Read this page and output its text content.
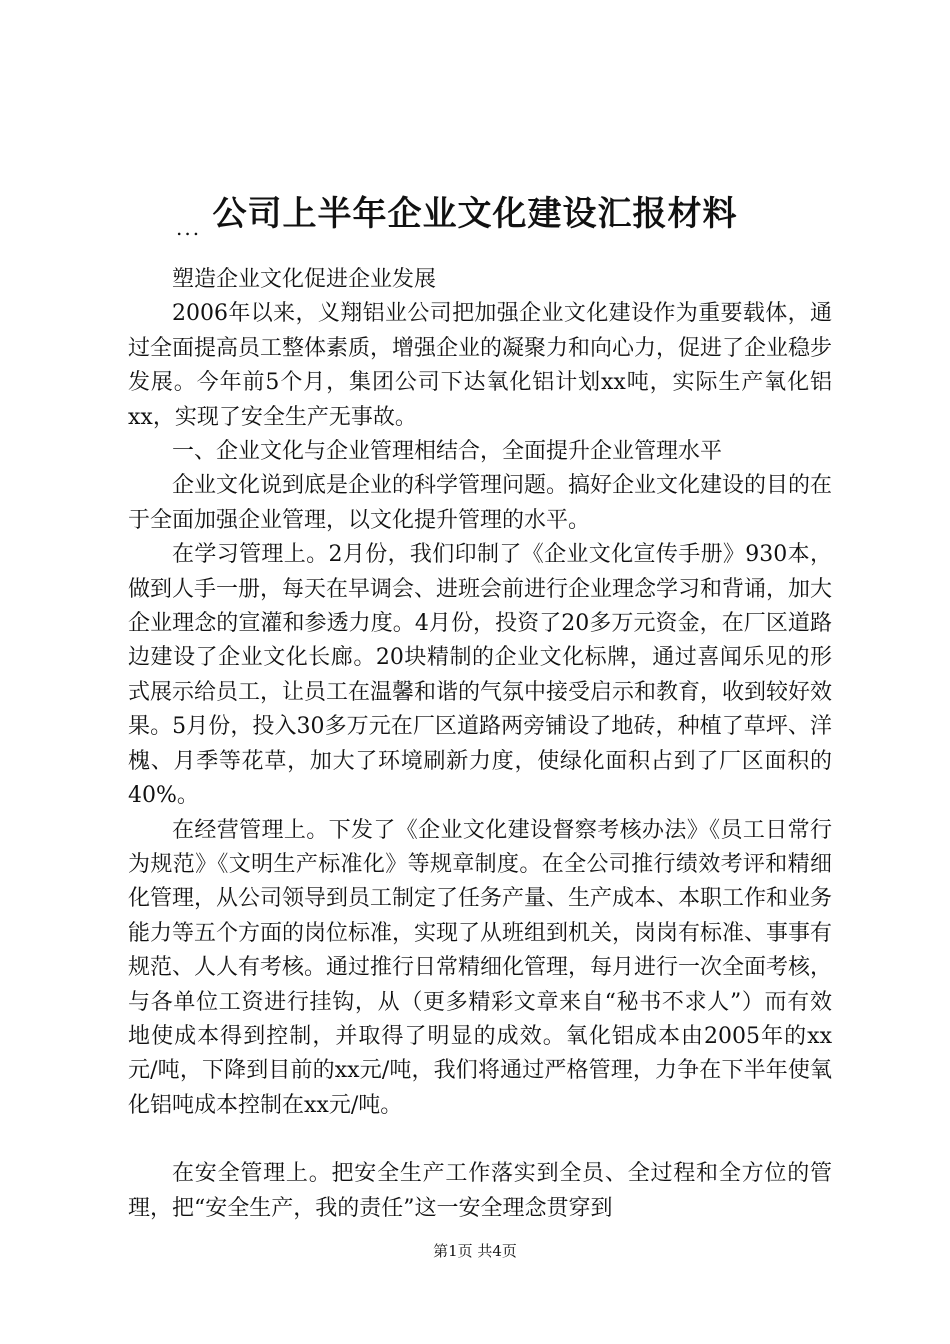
公司上半年企业文化建设汇报材料
...

塑造企业文化促进企业发展

2006年以来，义翔铝业公司把加强企业文化建设作为重要载体，通过全面提高员工整体素质，增强企业的凝聚力和向心力，促进了企业稳步发展。今年前5个月，集团公司下达氧化铝计划xx吨，实际生产氧化铝xx，实现了安全生产无事故。

一、企业文化与企业管理相结合，全面提升企业管理水平

企业文化说到底是企业的科学管理问题。搞好企业文化建设的目的在于全面加强企业管理，以文化提升管理的水平。

在学习管理上。2月份，我们印制了《企业文化宣传手册》930本，做到人手一册，每天在早调会、进班会前进行企业理念学习和背诵，加大企业理念的宣灌和参透力度。4月份，投资了20多万元资金，在厂区道路边建设了企业文化长廊。20块精制的企业文化标牌，通过喜闻乐见的形式展示给员工，让员工在温馨和谐的气氛中接受启示和教育，收到较好效果。5月份，投入30多万元在厂区道路两旁铺设了地砖，种植了草坪、洋槐、月季等花草，加大了环境刷新力度，使绿化面积占到了厂区面积的40%。

在经营管理上。下发了《企业文化建设督察考核办法》《员工日常行为规范》《文明生产标准化》等规章制度。在全公司推行绩效考评和精细化管理，从公司领导到员工制定了任务产量、生产成本、本职工作和业务能力等五个方面的岗位标准，实现了从班组到机关，岗岗有标准、事事有规范、人人有考核。通过推行日常精细化管理，每月进行一次全面考核，与各单位工资进行挂钩，从（更多精彩文章来自“秘书不求人”）而有效地使成本得到控制，并取得了明显的成效。氧化铝成本由2005年的xx元/吨，下降到目前的xx元/吨，我们将通过严格管理，力争在下半年使氧化铝吨成本控制在xx元/吨。

在安全管理上。把安全生产工作落实到全员、全过程和全方位的管理，把“安全生产，我的责任”这一安全理念贯穿到

第1页 共4页
